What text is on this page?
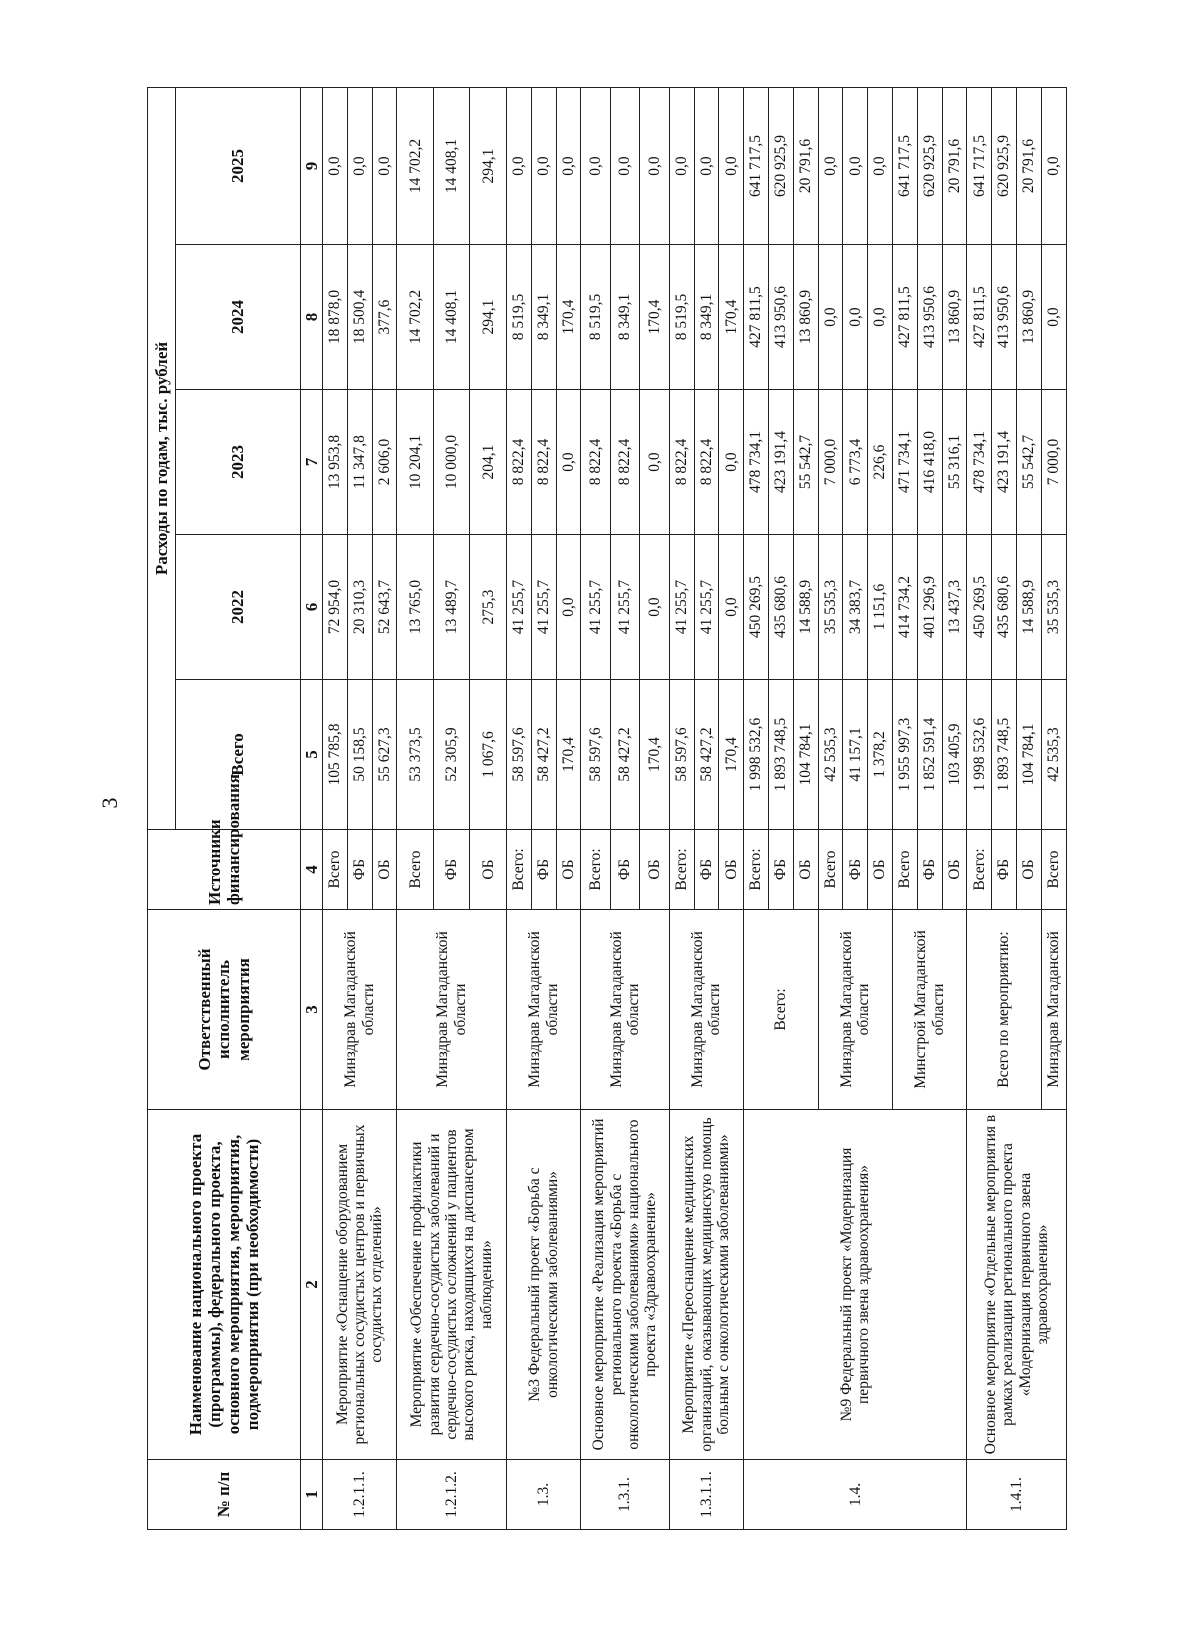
3
№ п/п	Наименование национального проекта (программы), федерального проекта, основного мероприятия, мероприятия, подмероприятия (при необходимости)	Ответственный исполнитель мероприятия	Источники финансирования	Расходы по годам, тыс. рублей				
				Всего	2022	2023	2024	2025
1	2	3	4	5	6	7	8	9
1.2.1.1.	Мероприятие «Оснащение оборудованием региональных сосудистых центров и первичных сосудистых отделений»	Минздрав Магаданской области	Всего	105 785,8	72 954,0	13 953,8	18 878,0	0,0
			ФБ	50 158,5	20 310,3	11 347,8	18 500,4	0,0
			ОБ	55 627,3	52 643,7	2 606,0	377,6	0,0
1.2.1.2.	Мероприятие «Обеспечение профилактики развития сердечно-сосудистых заболеваний и сердечно-сосудистых осложнений у пациентов высокого риска, находящихся на диспансерном наблюдении»	Минздрав Магаданской области	Всего	53 373,5	13 765,0	10 204,1	14 702,2	14 702,2
			ФБ	52 305,9	13 489,7	10 000,0	14 408,1	14 408,1
			ОБ	1 067,6	275,3	204,1	294,1	294,1
1.3.	№3 Федеральный проект «Борьба с онкологическими заболеваниями»	Минздрав Магаданской области	Всего:	58 597,6	41 255,7	8 822,4	8 519,5	0,0
			ФБ	58 427,2	41 255,7	8 822,4	8 349,1	0,0
			ОБ	170,4	0,0	0,0	170,4	0,0
1.3.1.	Основное мероприятие «Реализация мероприятий регионального проекта «Борьба с онкологическими заболеваниями» национального проекта «Здравоохранение»	Минздрав Магаданской области	Всего:	58 597,6	41 255,7	8 822,4	8 519,5	0,0
			ФБ	58 427,2	41 255,7	8 822,4	8 349,1	0,0
			ОБ	170,4	0,0	0,0	170,4	0,0
1.3.1.1.	Мероприятие «Переоснащение медицинских организаций, оказывающих медицинскую помощь больным с онкологическими заболеваниями»	Минздрав Магаданской области	Всего:	58 597,6	41 255,7	8 822,4	8 519,5	0,0
			ФБ	58 427,2	41 255,7	8 822,4	8 349,1	0,0
			ОБ	170,4	0,0	0,0	170,4	0,0
1.4.	№9 Федеральный проект «Модернизация первичного звена здравоохранения»	Всего:	Всего:	1 998 532,6	450 269,5	478 734,1	427 811,5	641 717,5
			ФБ	1 893 748,5	435 680,6	423 191,4	413 950,6	620 925,9
			ОБ	104 784,1	14 588,9	55 542,7	13 860,9	20 791,6
		Минздрав Магаданской области	Всего	42 535,3	35 535,3	7 000,0	0,0	0,0
			ФБ	41 157,1	34 383,7	6 773,4	0,0	0,0
			ОБ	1 378,2	1 151,6	226,6	0,0	0,0
		Минстрой Магаданской области	Всего	1 955 997,3	414 734,2	471 734,1	427 811,5	641 717,5
			ФБ	1 852 591,4	401 296,9	416 418,0	413 950,6	620 925,9
			ОБ	103 405,9	13 437,3	55 316,1	13 860,9	20 791,6
1.4.1.	Основное мероприятие «Отдельные мероприятия в рамках реализации регионального проекта «Модернизация первичного звена здравоохранения»	Всего по мероприятию:	Всего:	1 998 532,6	450 269,5	478 734,1	427 811,5	641 717,5
			ФБ	1 893 748,5	435 680,6	423 191,4	413 950,6	620 925,9
			ОБ	104 784,1	14 588,9	55 542,7	13 860,9	20 791,6
		Минздрав Магаданской	Всего	42 535,3	35 535,3	7 000,0	0,0	0,0
